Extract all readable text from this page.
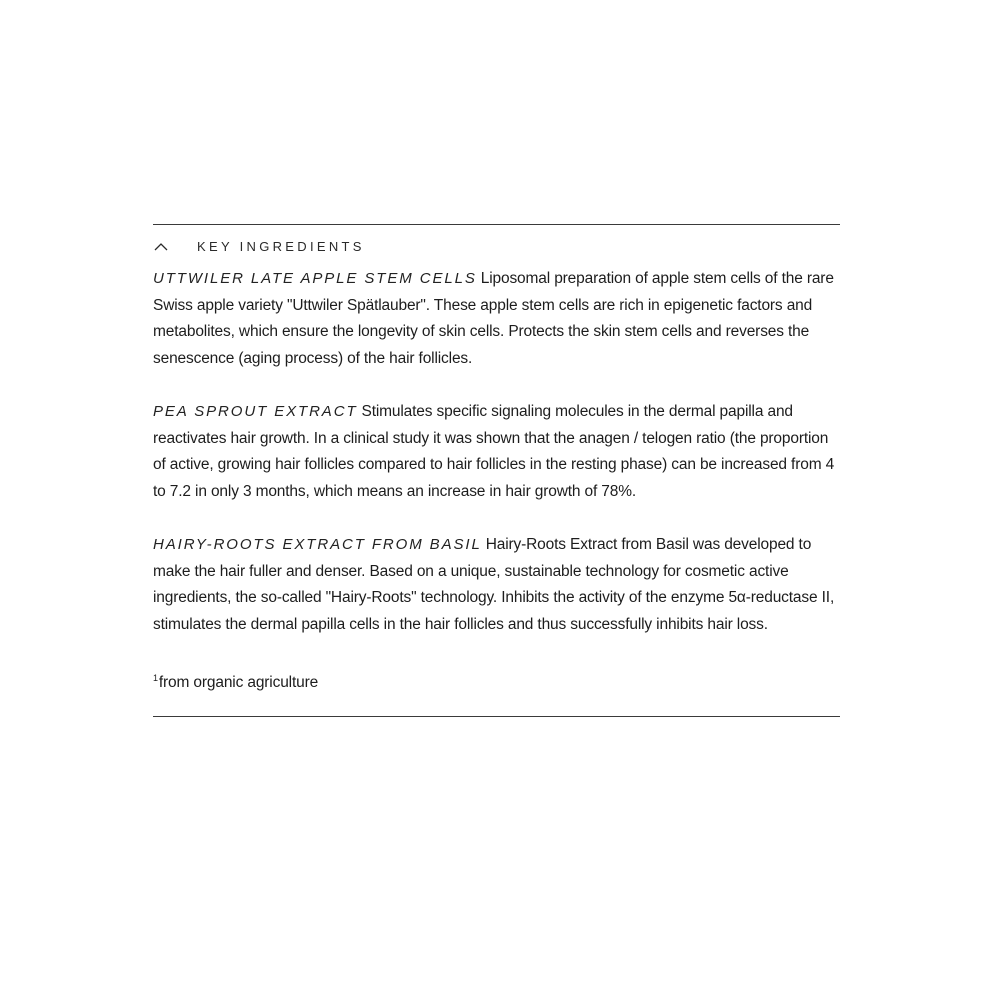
KEY INGREDIENTS

UTTWILER LATE APPLE STEM CELLS Liposomal preparation of apple stem cells of the rare Swiss apple variety "Uttwiler Spätlauber". These apple stem cells are rich in epigenetic factors and metabolites, which ensure the longevity of skin cells. Protects the skin stem cells and reverses the senescence (aging process) of the hair follicles.

PEA SPROUT EXTRACT Stimulates specific signaling molecules in the dermal papilla and reactivates hair growth. In a clinical study it was shown that the anagen / telogen ratio (the proportion of active, growing hair follicles compared to hair follicles in the resting phase) can be increased from 4 to 7.2 in only 3 months, which means an increase in hair growth of 78%.

HAIRY-ROOTS EXTRACT FROM BASIL Hairy-Roots Extract from Basil was developed to make the hair fuller and denser. Based on a unique, sustainable technology for cosmetic active ingredients, the so-called "Hairy-Roots" technology. Inhibits the activity of the enzyme 5α-reductase II, stimulates the dermal papilla cells in the hair follicles and thus successfully inhibits hair loss.

$^1$from organic agriculture
